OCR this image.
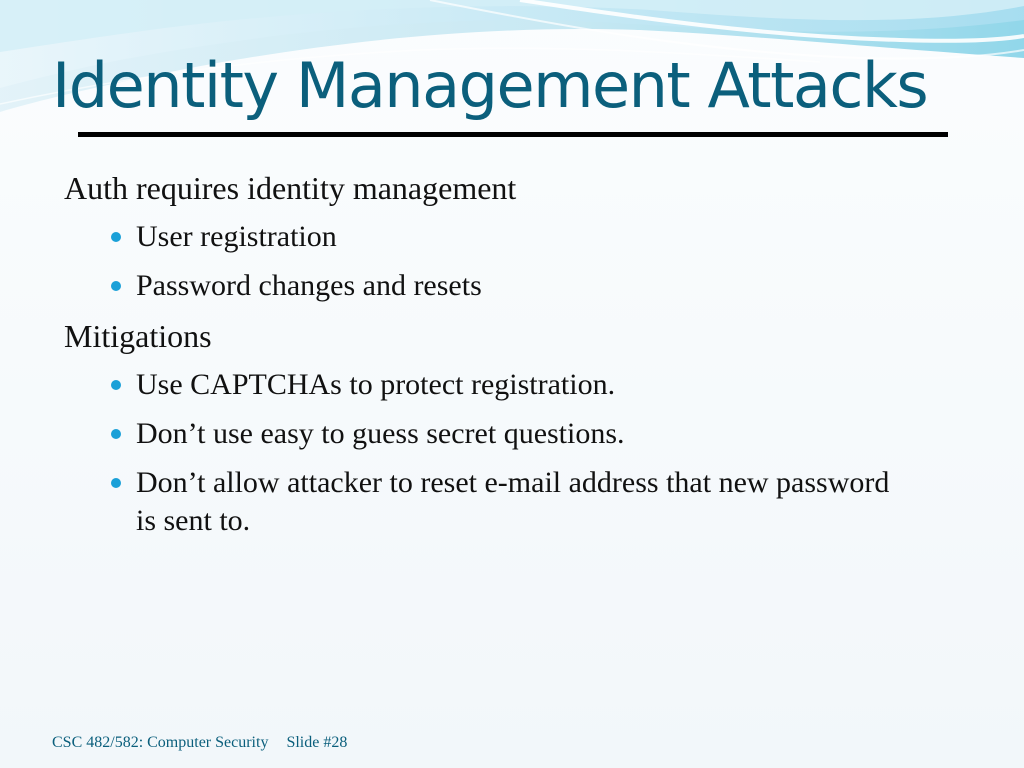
Identity Management Attacks

Auth requires identity management

User registration
Password changes and resets

Mitigations

Use CAPTCHAs to protect registration.
Don’t use easy to guess secret questions.
Don’t allow attacker to reset e-mail address that new password is sent to.
CSC 482/582: Computer Security Slide #28
